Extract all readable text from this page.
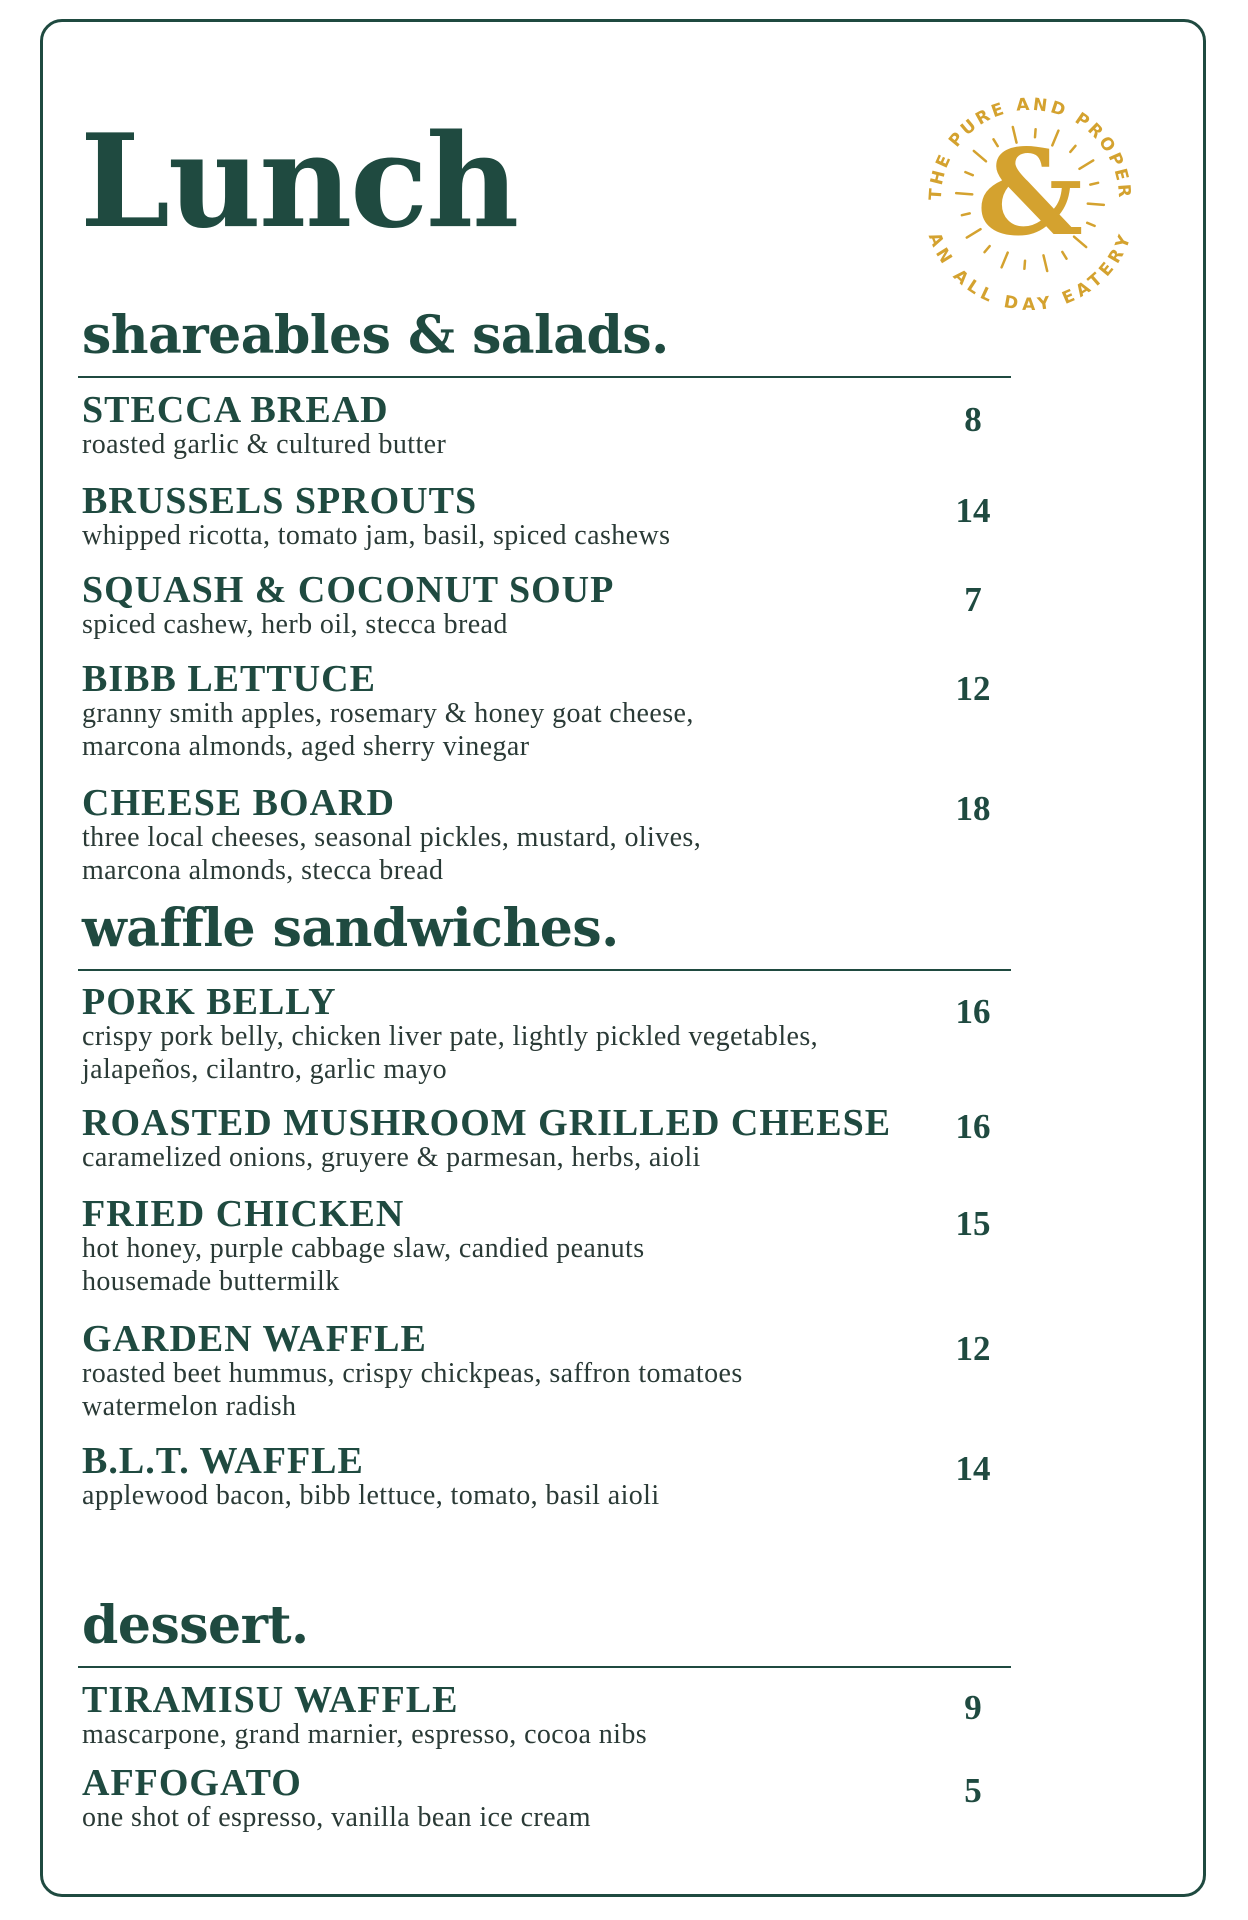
Lunch	THE PURE AND PROPER
AN ALL DAY EATERY
&
shareables & salads.
STECCA BREAD
roasted garlic & cultured butter
8
BRUSSELS SPROUTS
whipped ricotta, tomato jam, basil, spiced cashews
14
SQUASH & COCONUT SOUP
spiced cashew, herb oil, stecca bread
7
BIBB LETTUCE
granny smith apples, rosemary & honey goat cheese,
marcona almonds, aged sherry vinegar
12
CHEESE BOARD
three local cheeses, seasonal pickles, mustard, olives,
marcona almonds, stecca bread
18
waffle sandwiches.
PORK BELLY
crispy pork belly, chicken liver pate, lightly pickled vegetables,
jalapeños, cilantro, garlic mayo
16
ROASTED MUSHROOM GRILLED CHEESE
caramelized onions, gruyere & parmesan, herbs, aioli
16
FRIED CHICKEN
hot honey, purple cabbage slaw, candied peanuts
housemade buttermilk
15
GARDEN WAFFLE
roasted beet hummus, crispy chickpeas, saffron tomatoes
watermelon radish
12
B.L.T. WAFFLE
applewood bacon, bibb lettuce, tomato, basil aioli
14
dessert.
TIRAMISU WAFFLE
mascarpone, grand marnier, espresso, cocoa nibs
9
AFFOGATO
one shot of espresso, vanilla bean ice cream
5
